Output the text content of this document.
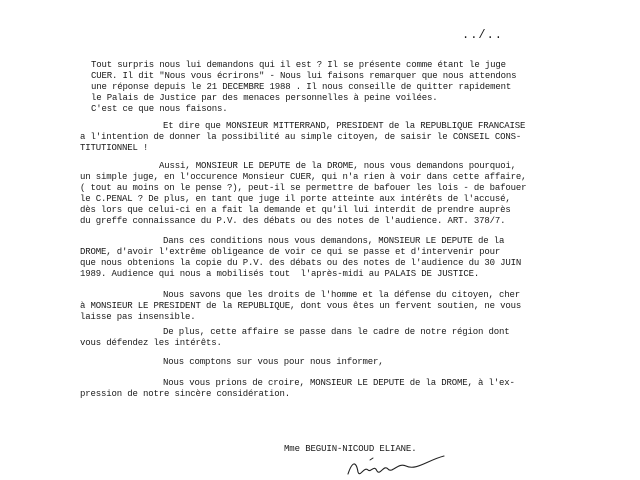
../..
Tout surpris nous lui demandons qui il est ? Il se présente comme étant le juge
CUER. Il dit "Nous vous écrirons" - Nous lui faisons remarquer que nous attendons
une réponse depuis le 21 DECEMBRE 1988 . Il nous conseille de quitter rapidement
le Palais de Justice par des menaces personnelles à peine voilées.
C'est ce que nous faisons.
Et dire que MONSIEUR MITTERRAND, PRESIDENT de la REPUBLIQUE FRANCAISE
a l'intention de donner la possibilité au simple citoyen, de saisir le CONSEIL CONS-
TITUTIONNEL !
Aussi, MONSIEUR LE DEPUTE de la DROME, nous vous demandons pourquoi,
un simple juge, en l'occurence Monsieur CUER, qui n'a rien à voir dans cette affaire,
( tout au moins on le pense ?), peut-il se permettre de bafouer les lois - de bafouer
le C.PENAL ? De plus, en tant que juge il porte atteinte aux intérêts de l'accusé,
dès lors que celui-ci en a fait la demande et qu'il lui interdit de prendre auprès
du greffe connaissance du P.V. des débats ou des notes de l'audience. ART. 378/7.
Dans ces conditions nous vous demandons, MONSIEUR LE DEPUTE de la
DROME, d'avoir l'extrême obligeance de voir ce qui se passe et d'intervenir pour
que nous obtenions la copie du P.V. des débats ou des notes de l'audience du 30 JUIN
1989. Audience qui nous a mobilisés tout  l'après-midi au PALAIS DE JUSTICE.
Nous savons que les droits de l'homme et la défense du citoyen, cher
à MONSIEUR LE PRESIDENT de la REPUBLIQUE, dont vous êtes un fervent soutien, ne vous
laisse pas insensible.
De plus, cette affaire se passe dans le cadre de notre région dont
vous défendez les intérêts.
Nous comptons sur vous pour nous informer,
Nous vous prions de croire, MONSIEUR LE DEPUTE de la DROME, à l'ex-
pression de notre sincère considération.
Mme BEGUIN-NICOUD ELIANE.
